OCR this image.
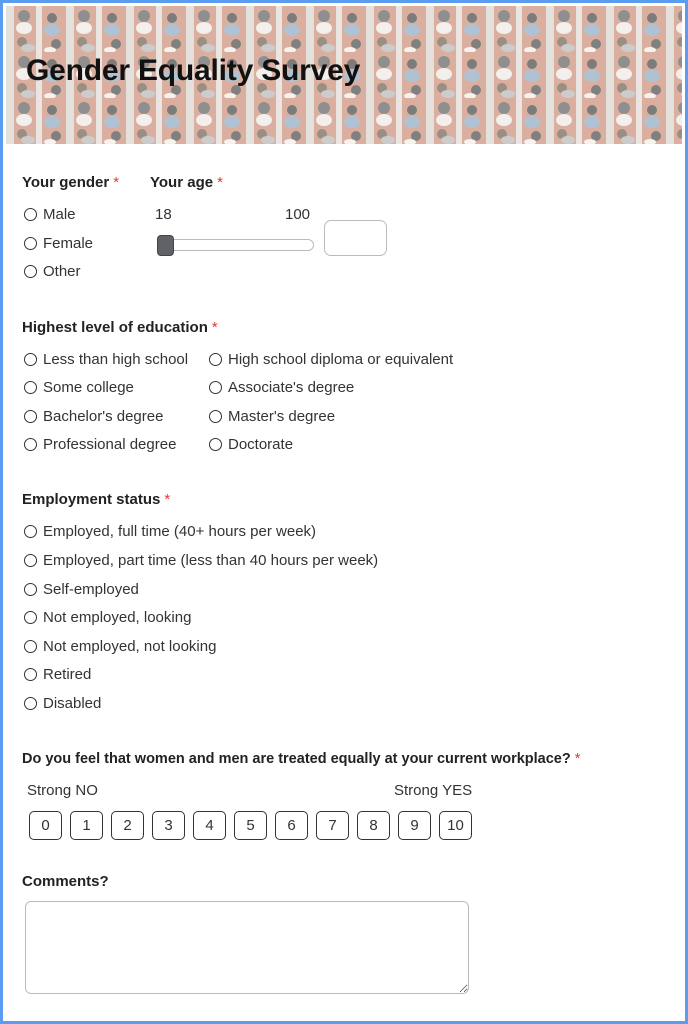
Gender Equality Survey
Your gender *
Male
Female
Other
Your age *
18	100
Highest level of education *
Less than high school	High school diploma or equivalent
Some college	Associate's degree
Bachelor's degree	Master's degree
Professional degree	Doctorate
Employment status *
Employed, full time (40+ hours per week)
Employed, part time (less than 40 hours per week)
Self-employed
Not employed, looking
Not employed, not looking
Retired
Disabled
Do you feel that women and men are treated equally at your current workplace? *
Strong NO	Strong YES
0	1	2	3	4	5	6	7	8	9	10
Comments?
